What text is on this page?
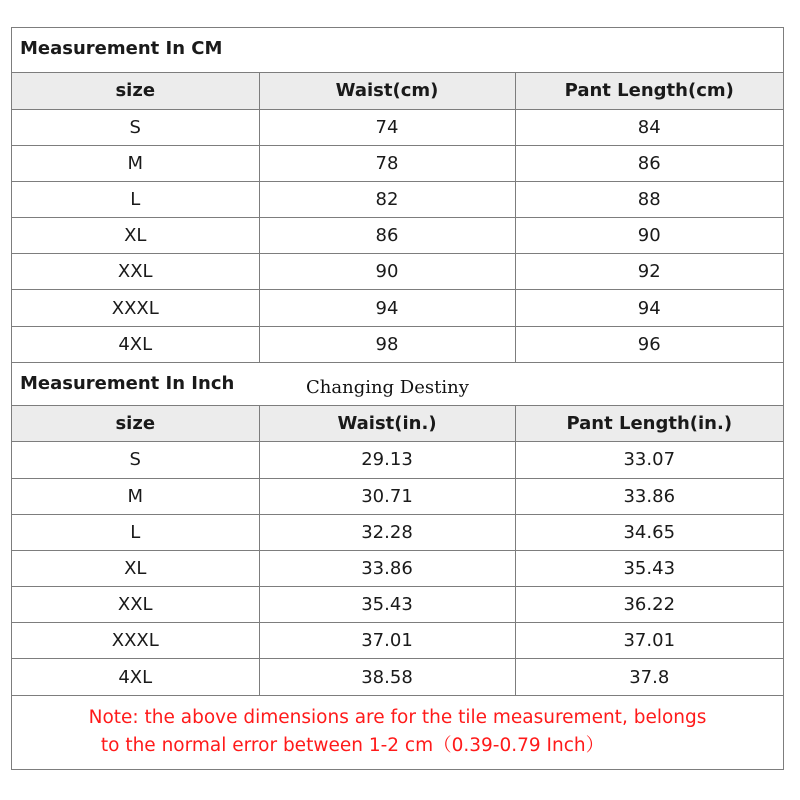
Measurement In CM
size	Waist(cm)	Pant Length(cm)
S	74	84
M	78	86
L	82	88
XL	86	90
XXL	90	92
XXXL	94	94
4XL	98	96
Measurement In Inch	Changing Destiny
size	Waist(in.)	Pant Length(in.)
S	29.13	33.07
M	30.71	33.86
L	32.28	34.65
XL	33.86	35.43
XXL	35.43	36.22
XXXL	37.01	37.01
4XL	38.58	37.8
Note: the above dimensions are for the tile measurement, belongs
to the normal error between 1-2 cm（0.39-0.79 Inch）
